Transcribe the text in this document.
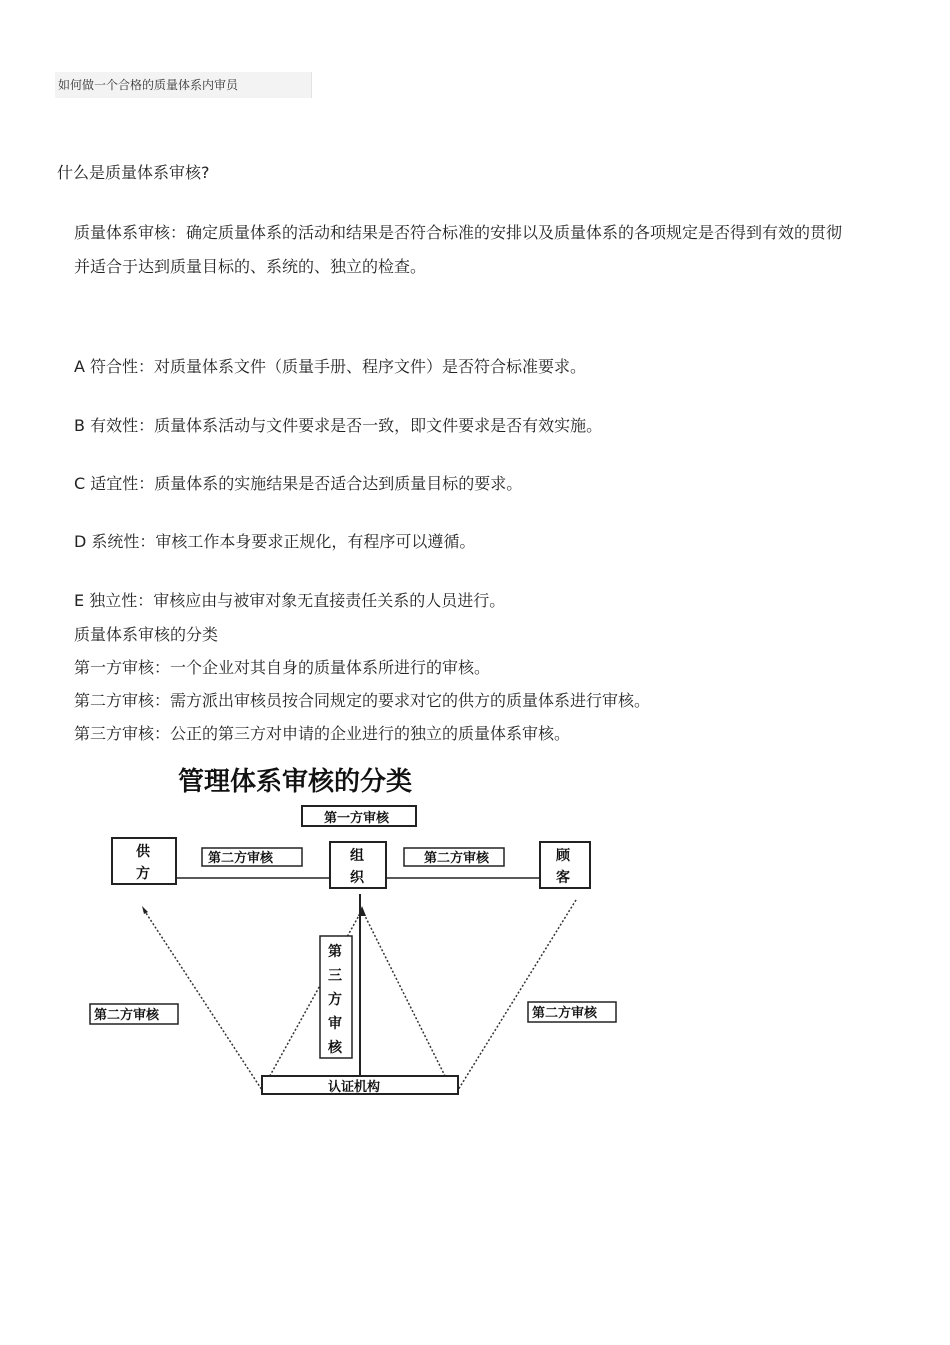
如何做一个合格的质量体系内审员
什么是质量体系审核?
质量体系审核：确定质量体系的活动和结果是否符合标准的安排以及质量体系的各项规定是否得到有效的贯彻并适合于达到质量目标的、系统的、独立的检查。
A 符合性：对质量体系文件（质量手册、程序文件）是否符合标准要求。
B 有效性：质量体系活动与文件要求是否一致，即文件要求是否有效实施。
C 适宜性：质量体系的实施结果是否适合达到质量目标的要求。
D 系统性：审核工作本身要求正规化，有程序可以遵循。
E 独立性：审核应由与被审对象无直接责任关系的人员进行。
质量体系审核的分类
第一方审核：一个企业对其自身的质量体系所进行的审核。
第二方审核：需方派出审核员按合同规定的要求对它的供方的质量体系进行审核。
第三方审核：公正的第三方对申请的企业进行的独立的质量体系审核。
管理体系审核的分类
第一方审核
供
方
组
织
顾
客
第二方审核	第二方审核
第
三
方
审
核
第二方审核	第二方审核
认证机构
